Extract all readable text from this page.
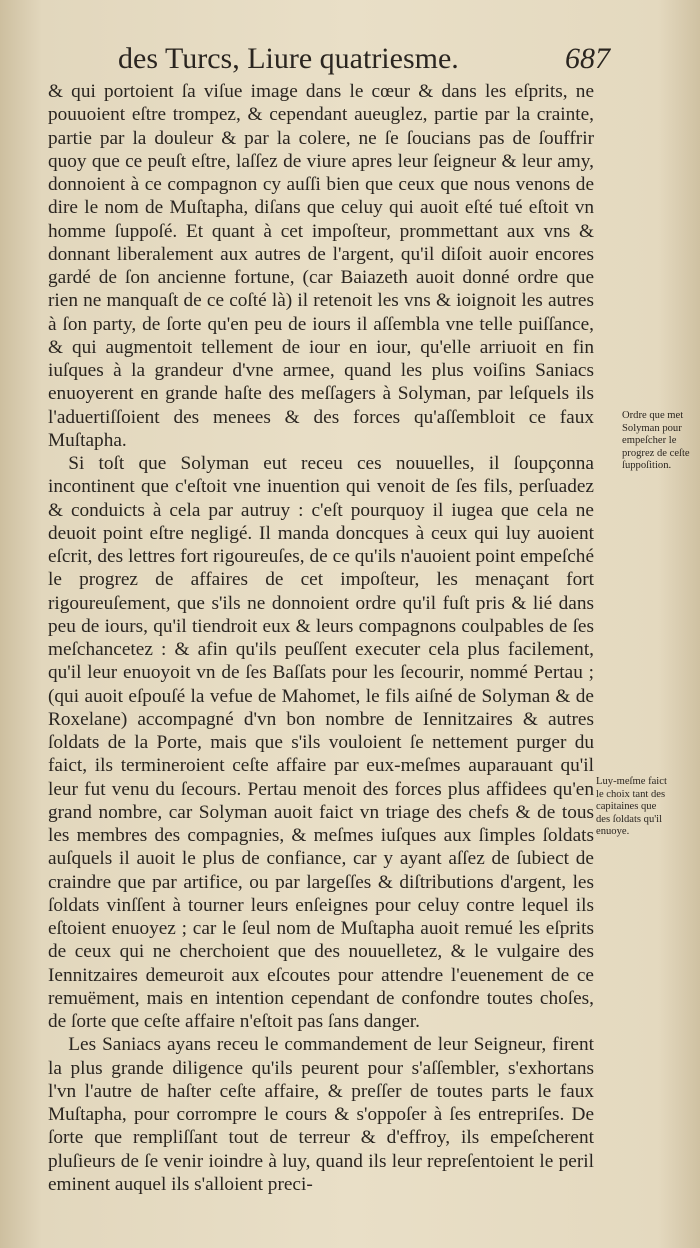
des Turcs, Liure quatriesme.	687

& qui portoient ſa viſue image dans le cœur & dans les eſprits, ne pouuoient eſtre trompez, & cependant aueuglez, partie par la crainte, partie par la douleur & par la colere, ne ſe ſoucians pas de ſouffrir quoy que ce peuſt eſtre, laſſez de viure apres leur ſeigneur & leur amy, donnoient à ce compagnon cy auſſi bien que ceux que nous venons de dire le nom de Muſtapha, diſans que celuy qui auoit eſté tué eſtoit vn homme ſuppoſé. Et quant à cet impoſteur, prommettant aux vns & donnant liberalement aux autres de l'argent, qu'il diſoit auoir encores gardé de ſon ancienne fortune, (car Baiazeth auoit donné ordre que rien ne manquaſt de ce coſté là) il retenoit les vns & ioignoit les autres à ſon party, de ſorte qu'en peu de iours il aſſembla vne telle puiſſance, & qui augmentoit tellement de iour en iour, qu'elle arriuoit en fin iuſques à la grandeur d'vne armee, quand les plus voiſins Saniacs enuoyerent en grande haſte des meſſagers à Solyman, par leſquels ils l'aduertiſſoient des menees & des forces qu'aſſembloit ce faux Muſtapha.

Si toſt que Solyman eut receu ces nouuelles, il ſoupçonna incontinent que c'eſtoit vne inuention qui venoit de ſes fils, perſuadez & conduicts à cela par autruy : c'eſt pourquoy il iugea que cela ne deuoit point eſtre negligé. Il manda doncques à ceux qui luy auoient eſcrit, des lettres fort rigoureuſes, de ce qu'ils n'auoient point empeſché le progrez de affaires de cet impoſteur, les menaçant fort rigoureuſement, que s'ils ne donnoient ordre qu'il fuſt pris & lié dans peu de iours, qu'il tiendroit eux & leurs compagnons coulpables de ſes meſchancetez : & afin qu'ils peuſſent executer cela plus facilement, qu'il leur enuoyoit vn de ſes Baſſats pour les ſecourir, nommé Pertau ; (qui auoit eſpouſé la vefue de Mahomet, le fils aiſné de Solyman & de Roxelane) accompagné d'vn bon nombre de Iennitzaires & autres ſoldats de la Porte, mais que s'ils vouloient ſe nettement purger du faict, ils termineroient ceſte affaire par eux-meſmes auparauant qu'il leur fut venu du ſecours. Pertau menoit des forces plus affidees qu'en grand nombre, car Solyman auoit faict vn triage des chefs & de tous les membres des compagnies, & meſmes iuſques aux ſimples ſoldats auſquels il auoit le plus de confiance, car y ayant aſſez de ſubiect de craindre que par artifice, ou par largeſſes & diſtributions d'argent, les ſoldats vinſſent à tourner leurs enſeignes pour celuy contre lequel ils eſtoient enuoyez ; car le ſeul nom de Muſtapha auoit remué les eſprits de ceux qui ne cherchoient que des nouuelletez, & le vulgaire des Iennitzaires demeuroit aux eſcoutes pour attendre l'euenement de ce remuëment, mais en intention cependant de confondre toutes choſes, de ſorte que ceſte affaire n'eſtoit pas ſans danger.

Les Saniacs ayans receu le commandement de leur Seigneur, firent la plus grande diligence qu'ils peurent pour s'aſſembler, s'exhortans l'vn l'autre de haſter ceſte affaire, & preſſer de toutes parts le faux Muſtapha, pour corrompre le cours & s'oppoſer à ſes entrepriſes. De ſorte que rempliſſant tout de terreur & d'effroy, ils empeſcherent pluſieurs de ſe venir ioindre à luy, quand ils leur repreſentoient le peril eminent auquel ils s'alloient preci-

Ordre que met Solyman pour empeſcher le progrez de ceſte ſuppoſition.
Luy-meſme faict le choix tant des capitaines que des ſoldats qu'il enuoye.
